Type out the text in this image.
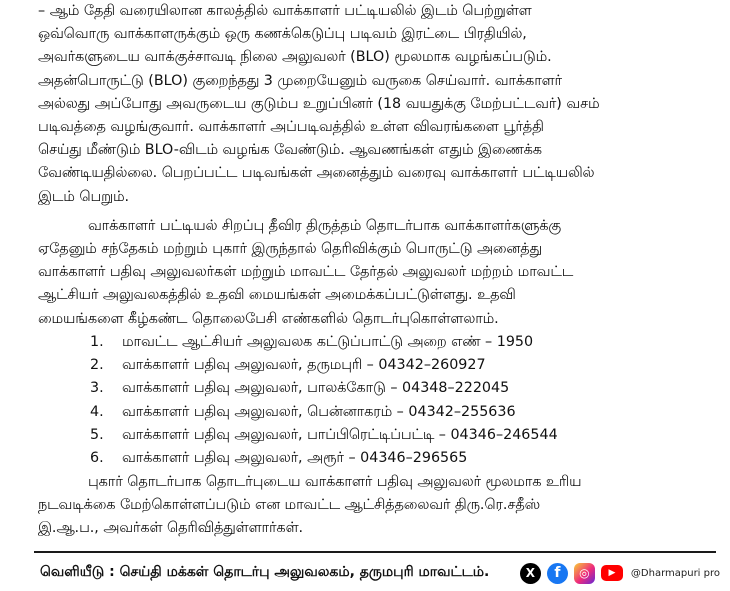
– ஆம் தேதி வரையிலான காலத்தில் வாக்காளர் பட்டியலில் இடம் பெற்றுள்ள

ஒவ்வொரு வாக்காளருக்கும் ஒரு கணக்கெடுப்பு படிவம் இரட்டை பிரதியில்,

அவர்களுடைய வாக்குச்சாவடி நிலை அலுவலர் (BLO) மூலமாக வழங்கப்படும்.

அதன்பொருட்டு (BLO) குறைந்தது 3 முறையேனும் வருகை செய்வார். வாக்காளர்

அல்லது அப்போது அவருடைய குடும்ப உறுப்பினர் (18 வயதுக்கு மேற்பட்டவர்) வசம்

படிவத்தை வழங்குவார். வாக்காளர் அப்படிவத்தில் உள்ள விவரங்களை பூர்த்தி

செய்து மீண்டும் BLO-விடம் வழங்க வேண்டும். ஆவணங்கள் எதும் இணைக்க

வேண்டியதில்லை. பெறப்பட்ட படிவங்கள் அனைத்தும் வரைவு வாக்காளர் பட்டியலில்

இடம் பெறும்.

வாக்காளர் பட்டியல் சிறப்பு தீவிர திருத்தம் தொடர்பாக வாக்காளர்களுக்கு

ஏதேனும் சந்தேகம் மற்றும் புகார் இருந்தால் தெரிவிக்கும் பொருட்டு அனைத்து

வாக்காளர் பதிவு அலுவலர்கள் மற்றும் மாவட்ட தேர்தல் அலுவலர் மற்றம் மாவட்ட

ஆட்சியர் அலுவலகத்தில் உதவி மையங்கள் அமைக்கப்பட்டுள்ளது. உதவி

மையங்களை கீழ்கண்ட தொலைபேசி எண்களில் தொடர்புகொள்ளலாம்.

1.	மாவட்ட ஆட்சியர் அலுவலக கட்டுப்பாட்டு அறை எண் – 1950
2.	வாக்காளர் பதிவு அலுவலர், தருமபுரி – 04342–260927
3.	வாக்காளர் பதிவு அலுவலர், பாலக்கோடு – 04348–222045
4.	வாக்காளர் பதிவு அலுவலர், பென்னாகரம் – 04342–255636
5.	வாக்காளர் பதிவு அலுவலர், பாப்பிரெட்டிப்பட்டி – 04346–246544
6.	வாக்காளர் பதிவு அலுவலர், அரூர் – 04346–296565

புகார் தொடர்பாக தொடர்புடைய வாக்காளர் பதிவு அலுவலர் மூலமாக உரிய

நடவடிக்கை மேற்கொள்ளப்படும் என மாவட்ட ஆட்சித்தலைவர் திரு.ரெ.சதீஸ்

இ.ஆ.ப., அவர்கள் தெரிவித்துள்ளார்கள்.

வெளியீடு : செய்தி மக்கள் தொடர்பு அலுவலகம், தருமபுரி மாவட்டம்.	X	f	◎	▶	@Dharmapuri pro
